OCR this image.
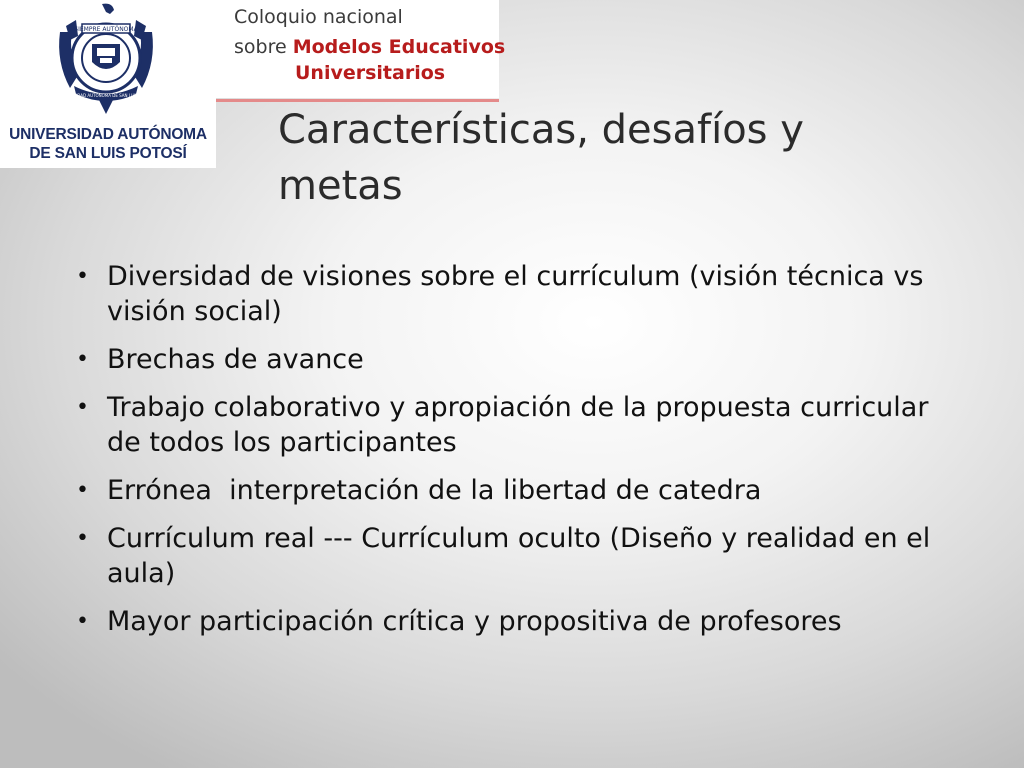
SIEMPRE AUTÓNOMA
UNIVERSIDAD AUTÓNOMA DE SAN LUIS POTOSÍ
UNIVERSIDAD AUTÓNOMA
DE SAN LUIS POTOSÍ
Coloquio nacional
sobre Modelos Educativos
Universitarios
Características, desafíos y metas
• Diversidad de visiones sobre el currículum (visión técnica vs visión social)
• Brechas de avance
• Trabajo colaborativo y apropiación de la propuesta curricular de todos los participantes
• Errónea  interpretación de la libertad de catedra
• Currículum real --- Currículum oculto (Diseño y realidad en el aula)
• Mayor participación crítica y propositiva de profesores
